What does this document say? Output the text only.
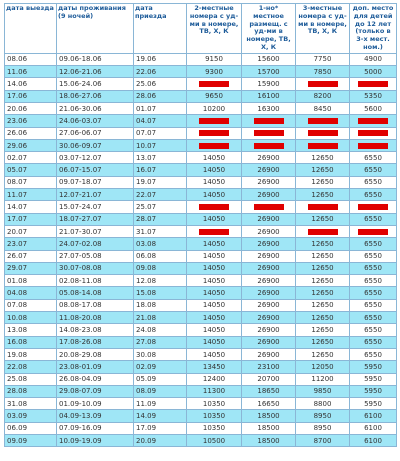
дата выезда	даты проживания (9 ночей)	дата приезда	2-местные номера с уд-ми в номере, ТВ, Х, К	1-но* местное размещ. с уд-ми в номере, ТВ, Х, К	3-местные номера с уд-ми в номере, ТВ, Х, К	доп. место для детей до 12 лет (только в 3-х мест. ном.)
08.06	09.06-18.06	19.06	9150	15600	7750	4900
11.06	12.06-21.06	22.06	9300	15700	7850	5000
14.06	15.06-24.06	25.06		15900		
17.06	18.06-27.06	28.06	9650	16100	8200	5350
20.06	21.06-30.06	01.07	10200	16300	8450	5600
23.06	24.06-03.07	04.07				
26.06	27.06-06.07	07.07				
29.06	30.06-09.07	10.07				
02.07	03.07-12.07	13.07	14050	26900	12650	6550
05.07	06.07-15.07	16.07	14050	26900	12650	6550
08.07	09.07-18.07	19.07	14050	26900	12650	6550
11.07	12.07-21.07	22.07	14050	26900	12650	6550
14.07	15.07-24.07	25.07				
17.07	18.07-27.07	28.07	14050	26900	12650	6550
20.07	21.07-30.07	31.07		26900		
23.07	24.07-02.08	03.08	14050	26900	12650	6550
26.07	27.07-05.08	06.08	14050	26900	12650	6550
29.07	30.07-08.08	09.08	14050	26900	12650	6550
01.08	02.08-11.08	12.08	14050	26900	12650	6550
04.08	05.08-14.08	15.08	14050	26900	12650	6550
07.08	08.08-17.08	18.08	14050	26900	12650	6550
10.08	11.08-20.08	21.08	14050	26900	12650	6550
13.08	14.08-23.08	24.08	14050	26900	12650	6550
16.08	17.08-26.08	27.08	14050	26900	12650	6550
19.08	20.08-29.08	30.08	14050	26900	12650	6550
22.08	23.08-01.09	02.09	13450	23100	12050	5950
25.08	26.08-04.09	05.09	12400	20700	11200	5950
28.08	29.08-07.09	08.09	11300	18650	9850	5950
31.08	01.09-10.09	11.09	10350	16650	8800	5950
03.09	04.09-13.09	14.09	10350	18500	8950	6100
06.09	07.09-16.09	17.09	10350	18500	8950	6100
09.09	10.09-19.09	20.09	10500	18500	8700	6100
